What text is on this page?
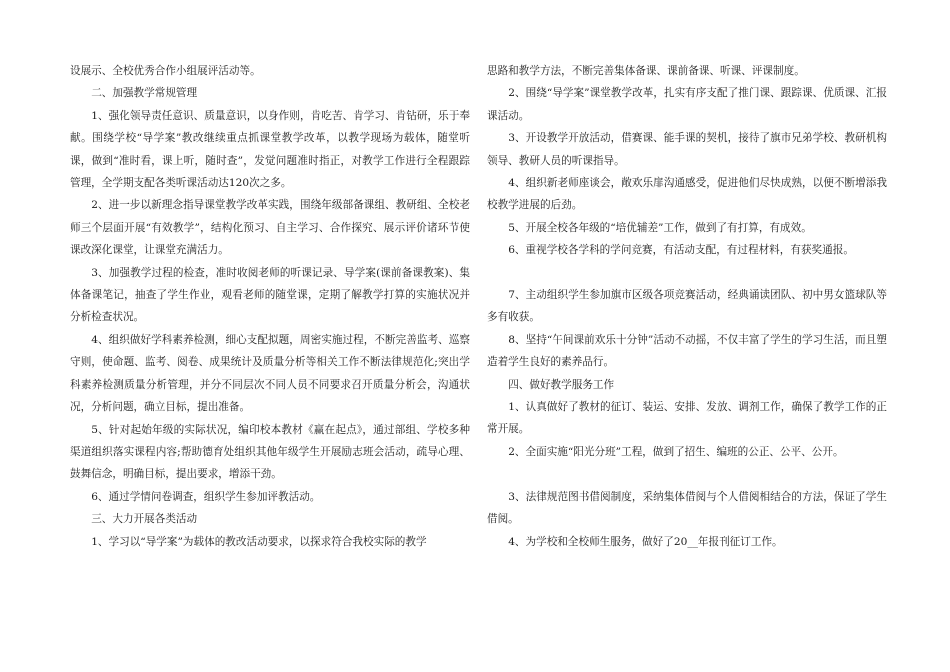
设展示、全校优秀合作小组展评活动等。

二、加强教学常规管理

1、强化领导责任意识、质量意识，以身作则，肯吃苦、肯学习、肯钻研，乐于奉献。围绕学校“导学案”教改继续重点抓课堂教学改革，以教学现场为载体，随堂听课，做到“准时看，课上听，随时查”，发觉问题准时指正，对教学工作进行全程跟踪管理，全学期支配各类听课活动达120次之多。

2、进一步以新理念指导课堂教学改革实践，围绕年级部备课组、教研组、全校老师三个层面开展“有效教学”，结构化预习、自主学习、合作探究、展示评价诸环节使课改深化课堂，让课堂充满活力。

3、加强教学过程的检查，准时收阅老师的听课记录、导学案(课前备课教案)、集体备课笔记，抽查了学生作业，观看老师的随堂课，定期了解教学打算的实施状况并分析检查状况。

4、组织做好学科素养检测，细心支配拟题，周密实施过程，不断完善监考、巡察守则，使命题、监考、阅卷、成果统计及质量分析等相关工作不断法律规范化;突出学科素养检测质量分析管理，并分不同层次不同人员不同要求召开质量分析会，沟通状况，分析问题，确立目标，提出准备。

5、针对起始年级的实际状况，编印校本教材《赢在起点》，通过部组、学校多种渠道组织落实课程内容;帮助德育处组织其他年级学生开展励志班会活动，疏导心理、鼓舞信念，明确目标，提出要求，增添干劲。

6、通过学情问卷调查，组织学生参加评教活动。

三、大力开展各类活动

1、学习以“导学案”为载体的教改活动要求，以探求符合我校实际的教学

思路和教学方法，不断完善集体备课、课前备课、听课、评课制度。

2、围绕“导学案”课堂教学改革，扎实有序支配了推门课、跟踪课、优质课、汇报课活动。

3、开设教学开放活动，借赛课、能手课的契机，接待了旗市兄弟学校、教研机构领导、教研人员的听课指导。

4、组织新老师座谈会，敞欢乐扉沟通感受，促进他们尽快成熟，以便不断增添我校教学进展的后劲。

5、开展全校各年级的“培优辅差”工作，做到了有打算，有成效。

6、重视学校各学科的学问竞赛，有活动支配，有过程材料，有获奖通报。

7、主动组织学生参加旗市区级各项竞赛活动，经典诵读团队、初中男女篮球队等多有收获。

8、坚持“午间课前欢乐十分钟”活动不动摇，不仅丰富了学生的学习生活，而且塑造着学生良好的素养品行。

四、做好教学服务工作

1、认真做好了教材的征订、装运、安排、发放、调剂工作，确保了教学工作的正常开展。

2、全面实施“阳光分班”工程，做到了招生、编班的公正、公平、公开。

3、法律规范图书借阅制度，采纳集体借阅与个人借阅相结合的方法，保证了学生借阅。

4、为学校和全校师生服务，做好了20__年报刊征订工作。
